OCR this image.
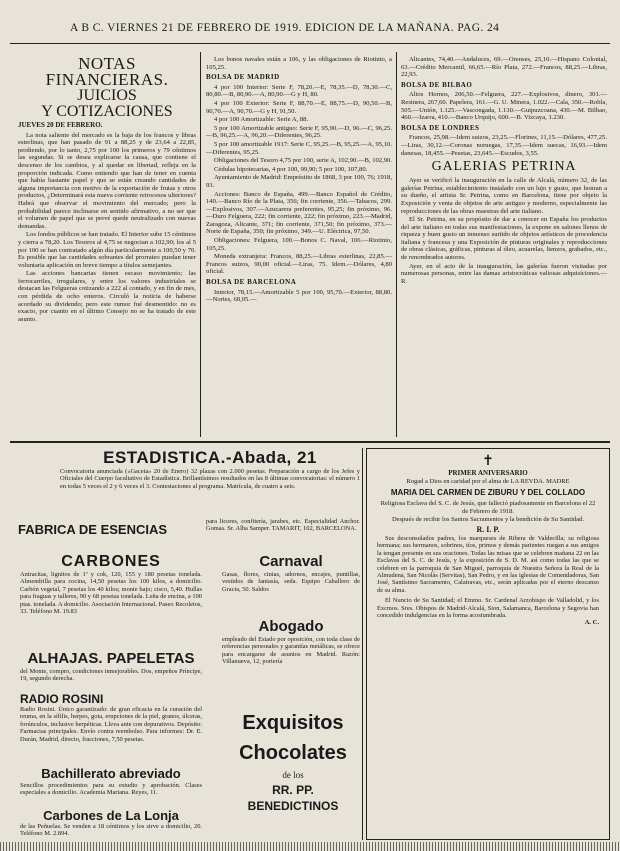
A B C. VIERNES 21 DE FEBRERO DE 1919. EDICION DE LA MAÑANA. PAG. 24
NOTAS FINANCIERAS.
JUICIOS
Y COTIZACIONES
JUEVES 20 DE FEBRERO.

La nota saliente del mercado es la baja de los francos y libras esterlinas, que han pasado de 91 a 88,25 y de 23,64 a 22,85, perdiendo, por lo tanto, 2,75 por 100 los primeros y 79 céntimos las segundas. Si se desea explicarse la causa, que contiene el descenso de los cambios, y al quedar en libertad, refleja en la proporción indicada. Como entiendo que han de tener en cuenta que había bastante papel y que se están creando cantidades de alguna importancia con motivo de la exportación de frutas y otros productos, ¿Determinará esta nueva corriente retrocesos ulteriores? Habrá que observar el movimiento del mercado; pero la probabilidad parece inclinarse en sentido afirmativo, a no ser que el volumen de papel que se prevé quede neutralizado con nuevas demandas.

Los fondos públicos se han tratado. El Interior sube 15 céntimos y cierra a 78,20. Los Tesoros al 4,75 se negocian a 102,90; los al 5 por 100 se han contratado algún día particularmente a 100,50 y 70. Es posible que las cantidades sobrantes del prorrateo puedan tener voluntaria aplicación en breve tiempo a títulos semejantes.

Las acciones bancarias tienen escaso movimiento; las ferrocarriles, irregulares, y entre los valores industriales se destacan las Felgueras cotizando a 222 al contado, y en fin de mes, con pérdida de ocho enteros. Circuló la noticia de haberse acordado su dividendo; pero este rumor fué desmentido: no es exacto, por cuanto en el último Consejo no se ha tratado de este asunto.

Los bonos navales están a 106, y las obligaciones de Riotinto, a 105,25.

BOLSA DE MADRID

4 por 100 Interior: Serie F, 78,20.—E, 78,35.—D, 78,30.—C, 80,80.—B, 80,90.—A, 80,90.—G y H, 80.

4 por 100 Exterior: Serie F, 88,70.—E, 88,75.—D, 90,50.—B, 90,70.—A, 90,70.—G y H, 91,50.

4 por 100 Amortizable: Serie A, 88.

5 por 100 Amortizable antiguo: Serie F, 95,90.—D, 96.—C, 96,25.—B, 96,25.—A, 96,20.—Diferentes, 96,25.

5 por 100 amortizable 1917: Serie C, 95,25.—B, 95,25.—A, 95,10.—Diferentes, 95,25.

Obligaciones del Tesoro 4,75 por 100, serie A, 102,90.—B, 102,90.

Cédulas hipotecarias, 4 por 100, 99,90; 5 por 100, 107,80.

Ayuntamiento de Madrid: Empréstito de 1868, 3 por 100, 76; 1918, 93.

Acciones: Banco de España, 499.—Banco Español de Crédito, 140.—Banco Río de la Plata, 356; fin corriente, 356.—Tabacos, 299.—Explosivos, 307.—Azucarera preferentes, 95,25; fin próximo, 96.—Duro Felguera, 222; fin corriente, 222; fin próximo, 223.—Madrid, Zaragoza, Alicante, 371; fin corriente, 371,50; fin próximo, 373.—Norte de España, 350; fin próximo, 349.—U. Eléctrica, 97,50.

Obligaciones: Felguera, 100.—Bonos C. Naval, 106.—Riotinto, 105,25.

Moneda extranjera: Francos, 88,25.—Libras esterlinas, 22,85.—Francos suizos, 90,00 oficial.—Liras, 75. Idem.—Dólares, 4,80 oficial.

BOLSA DE BARCELONA

Interior, 78,15.—Amortizable 5 por 100, 95,70.—Exterior, 88,80.—Nortes, 68,05.—

Alicantes, 74,40.—Andaluces, 69.—Orenses, 25,10.—Hispano Colonial, 63.—Crédito Mercantil, 66,65.—Río Plata, 272.—Francos, 88,25.—Libras, 22,93.

BOLSA DE BILBAO

Altos Hornos, 206,50.—Felguera, 227.—Explosivos, dinero, 301.—Resinera, 267,60. Papelera, 161.—G. U. Minera, 1.022.—Cala, 350.—Robla, 505.—Unión, 1.125.—Vascongada, 1.130.—Guipuzcoana, 430.—M. Bilbao, 460.—Izarra, 410.—Banco Urquijo, 600.—B. Vizcaya, 1.230.

BOLSA DE LONDRES

Francos, 25,98.—Idem suizos, 23,25.—Florines, 11,15.—Dólares, 477,25.—Liras, 30,12.—Coronas noruegas, 17,35.—Idem suecas, 16,93.—Idem danesas, 18,455.—Pesetas, 23,645.—Escudos, 3,55.

GALERIAS PETRINA

Ayer se verificó la inauguración en la calle de Alcalá, número 32, de las galerías Petrina, establecimiento instalado con un lujo y gusto, que honran a su dueño, el artista Sr. Petrina, como en Barcelona, tiene por objeto la Exposición y venta de objetos de arte antiguo y moderno, especialmente las reproducciones de las obras maestras del arte italiano.

El Sr. Petrina, en su propósito de dar a conocer en España los productos del arte italiano en todas sus manifestaciones, la expone en salones llenos de riqueza y buen gusto un inmenso surtido de objetos artísticos de procedencia italiana y francesa y una Exposición de pinturas originales y reproducciones de obras clásicas, gráficas, pinturas al óleo, acuarelas, lienzos, grabados, etc., de renombrados autores.

Ayer, en el acto de la inauguración, las galerías fueron visitadas por numerosas personas, entre las damas aristocráticas valiosas adquisiciones.—R.

ESTADISTICA.-Abada, 21
Convocatoria anunciada («Gaceta» 20 de Enero) 32 plazas con 2.000 pesetas. Preparación a cargo de los Jefes y Oficiales del Cuerpo facultativo de Estadística. Brillantísimos resultados en las 8 últimas convocatorias: el número 1 en todas 5 veces el 2 y 6 veces el 3. Contestaciones al programa. Matrícula, de cuatro a seis.
FABRICA DE ESENCIAS
para licores, confitería, jarabes, etc. Especialidad Anchor. Gomas. Sr. Alba Samper. TAMARIT, 102, BARCELONA.
CARBONES
Antracitas, lignitos de 1ª y cok, 120, 155 y 180 pesetas tonelada. Almendrilla para cocina, 14,50 pesetas los 100 kilos, a domicilio. Carbón vegetal, 7 pesetas los 40 kilos; monte bajo; cisco, 5,40. Hullas para fraguas y talleres, 90 y 68 pesetas tonelada. Leña de encina, a 100 ptas. tonelada. A domicilio. Asociación Internacional. Paseo Recoletos, 33. Teléfono M. 19.83
Carnaval
Gasas, flores, cintas, adornos, encajes, puntillas, vestidos de fantasía, seda. Equipo Caballero de Gracia, 50. Saldos
ALHAJAS. PAPELETAS
del Monte, compro, condiciones inmejorables. Dos, empeños Príncipe, 19, segundo derecha.
Abogado
empleado del Estado por oposición, con toda clase de referencias personales y garantías metálicas, se ofrece para encargarse de asuntos en Madrid. Razón: Villanueva, 12, portería
RADIO ROSINI
Radio Rosini. Único garantizado: de gran eficacia en la curación del reuma, en la sífilis, herpes, gota, erupciones de la piel, granos, úlceras, forúnculos, inclusive herpéticas. Lleva ante con depurativos. Depósito: Farmacias principales. Envío contra reembolso. Para informes: Dr. E. Durán, Madrid, directo, fracciones, 7,50 pesetas.
Exquisitos
Chocolates
de los
RR. PP. BENEDICTINOS
Bachillerato abreviado
Sencillos procedimientos para su estudio y aprobación. Clases especiales a domicilio. Academia Mariana. Reyes, 11.
Carbones de La Lonja
de las Peñuelas. Se venden a 18 céntimos y los sirve a domicilio, 20. Teléfono M. 2.894.
✝
PRIMER ANIVERSARIO
Rogad a Dios en caridad por el alma de LA REVDA. MADRE
MARIA DEL CARMEN DE ZIBURU Y DEL COLLADO
Religiosa Esclava del S. C. de Jesús, que falleció piadosamente en Barcelona el 22 de Febrero de 1918.
Después de recibir los Santos Sacramentos y la bendición de Su Santidad.
R. I. P.
Sus desconsolados padres, los marqueses de Ribera de Valdecilla; su religiosa hermana; sus hermanos, sobrinos, tíos, primos y demás parientes ruegan a sus amigos la tengan presente en sus oraciones. Todas las misas que se celebren mañana 22 en las Esclavas del S. C. de Jesús, y la exposición de S. D. M. así como todas las que se celebren en la parroquia de San Miguel, parroquia de Nuestra Señora la Real de la Almudena, San Nicolás (Servitas), San Pedro, y en las iglesias de Comendadoras, San José, Santísimo Sacramento, Calatravas, etc., serán aplicadas por el eterno descanso de su alma.
El Nuncio de Su Santidad; el Emmo. Sr. Cardenal Arzobispo de Valladolid, y los Excmos. Sres. Obispos de Madrid-Alcalá, Sion, Salamanca, Barcelona y Segovia han concedido indulgencias en la forma acostumbrada.
A. C.
